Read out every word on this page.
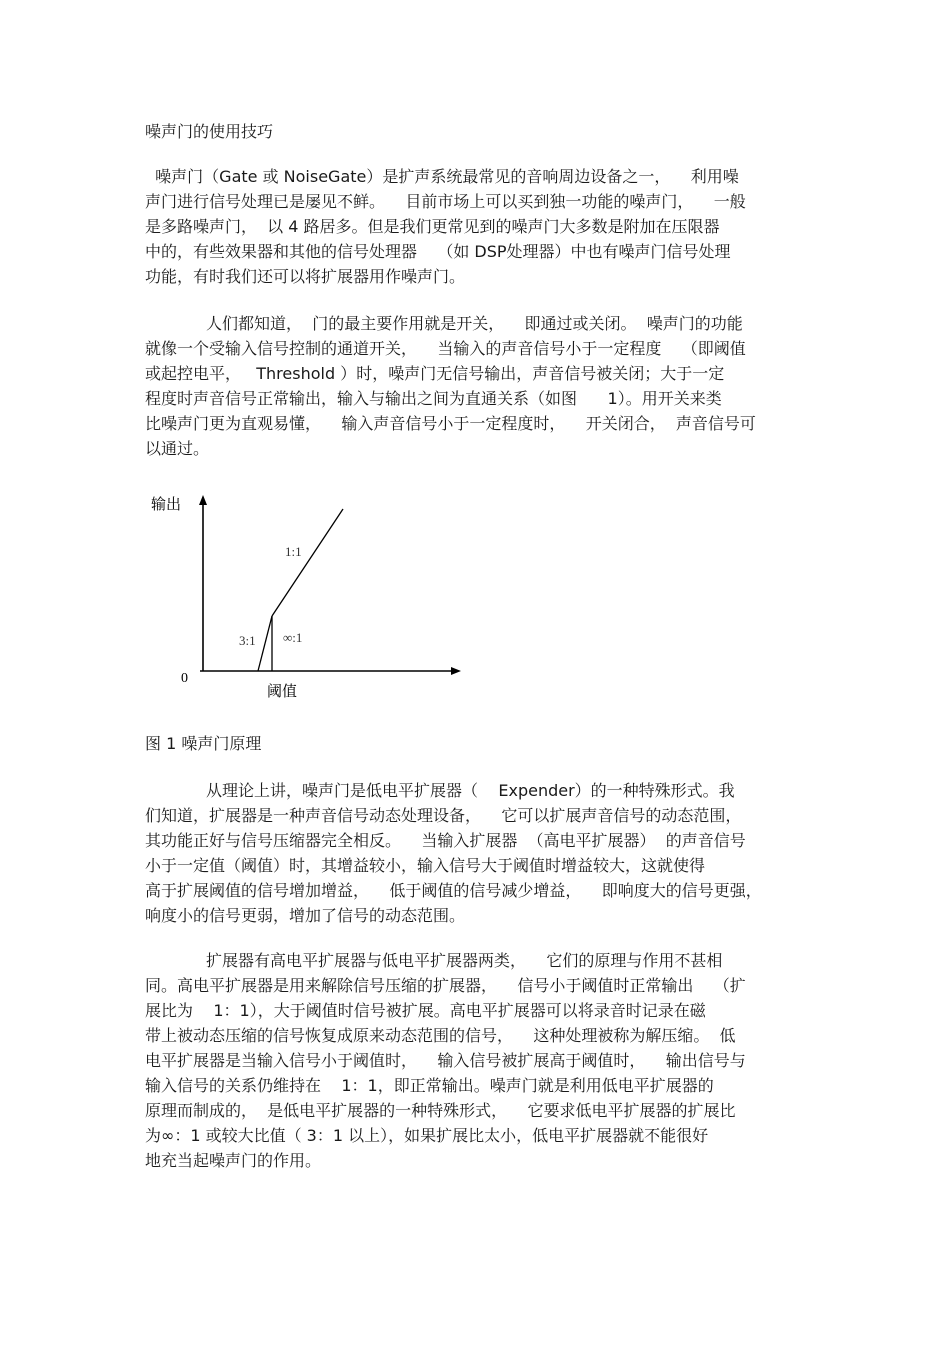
噪声门的使用技巧
噪声门（Gate 或 NoiseGate）是扩声系统最常见的音响周边设备之一，    利用噪
声门进行信号处理已是屡见不鲜。    目前市场上可以买到独一功能的噪声门，    一般
是多路噪声门，  以 4 路居多。但是我们更常见到的噪声门大多数是附加在压限器
中的，有些效果器和其他的信号处理器    （如 DSP处理器）中也有噪声门信号处理
功能，有时我们还可以将扩展器用作噪声门。
人们都知道，  门的最主要作用就是开关，    即通过或关闭。  噪声门的功能
就像一个受输入信号控制的通道开关，    当输入的声音信号小于一定程度    （即阈值
或起控电平，   Threshold ）时，噪声门无信号输出，声音信号被关闭；大于一定
程度时声音信号正常输出，输入与输出之间为直通关系（如图      1）。用开关来类
比噪声门更为直观易懂，    输入声音信号小于一定程度时，    开关闭合，  声音信号可
以通过。
图 1 噪声门原理
从理论上讲，噪声门是低电平扩展器（    Expender）的一种特殊形式。我
们知道，扩展器是一种声音信号动态处理设备，    它可以扩展声音信号的动态范围，
其功能正好与信号压缩器完全相反。    当输入扩展器  （高电平扩展器）  的声音信号
小于一定值（阈值）时，其增益较小，输入信号大于阈值时增益较大，这就使得
高于扩展阈值的信号增加增益，    低于阈值的信号减少增益，    即响度大的信号更强，
响度小的信号更弱，增加了信号的动态范围。
扩展器有高电平扩展器与低电平扩展器两类，    它们的原理与作用不甚相
同。高电平扩展器是用来解除信号压缩的扩展器，    信号小于阈值时正常输出    （扩
展比为    1：1），大于阈值时信号被扩展。高电平扩展器可以将录音时记录在磁
带上被动态压缩的信号恢复成原来动态范围的信号，    这种处理被称为解压缩。  低
电平扩展器是当输入信号小于阈值时，    输入信号被扩展高于阈值时，    输出信号与
输入信号的关系仍维持在    1：1，即正常输出。噪声门就是利用低电平扩展器的
原理而制成的，  是低电平扩展器的一种特殊形式，    它要求低电平扩展器的扩展比
为∞：1 或较大比值（ 3：1 以上），如果扩展比太小，低电平扩展器就不能很好
地充当起噪声门的作用。
输出
1:1
3:1 ∞:1
0
阈值
